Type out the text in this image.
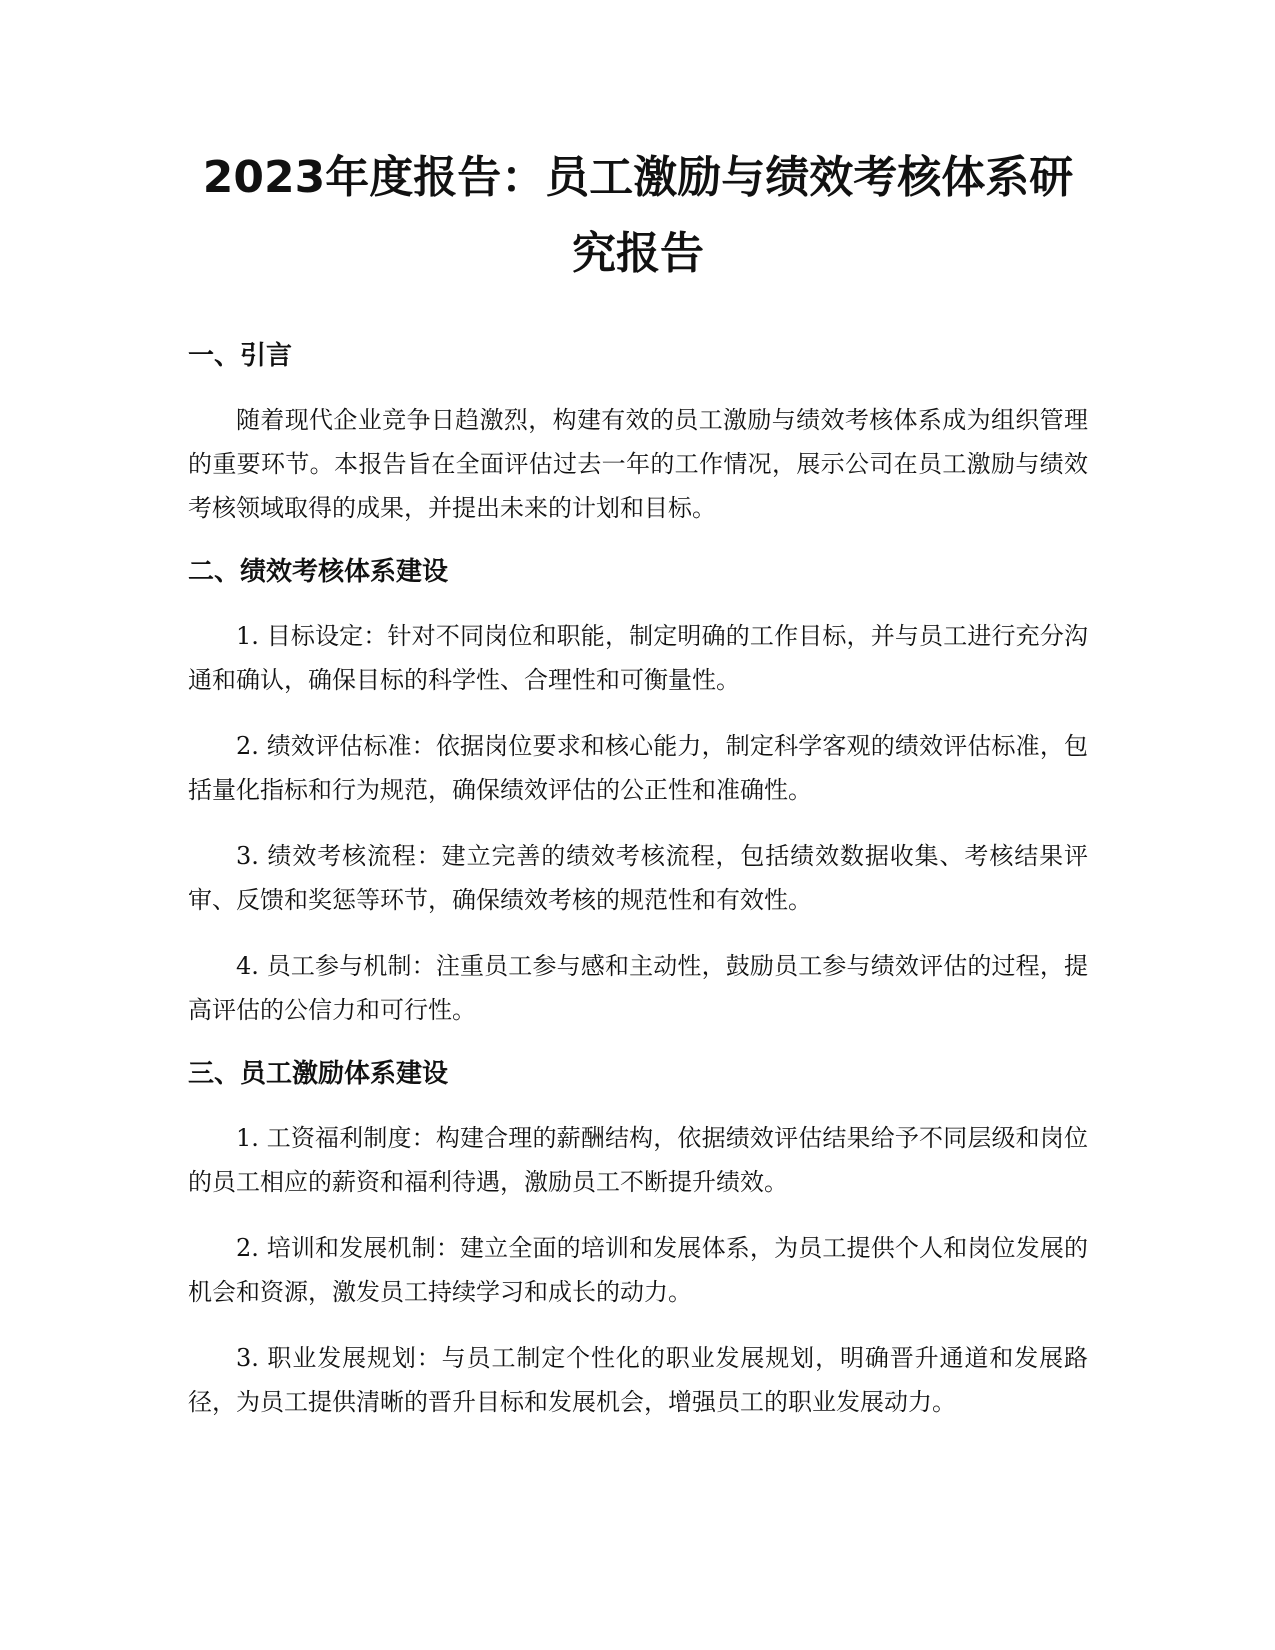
2023年度报告：员工激励与绩效考核体系研究报告
一、引言

随着现代企业竞争日趋激烈，构建有效的员工激励与绩效考核体系成为组织管理的重要环节。本报告旨在全面评估过去一年的工作情况，展示公司在员工激励与绩效考核领域取得的成果，并提出未来的计划和目标。

二、绩效考核体系建设

1. 目标设定：针对不同岗位和职能，制定明确的工作目标，并与员工进行充分沟通和确认，确保目标的科学性、合理性和可衡量性。

2. 绩效评估标准：依据岗位要求和核心能力，制定科学客观的绩效评估标准，包括量化指标和行为规范，确保绩效评估的公正性和准确性。

3. 绩效考核流程：建立完善的绩效考核流程，包括绩效数据收集、考核结果评审、反馈和奖惩等环节，确保绩效考核的规范性和有效性。

4. 员工参与机制：注重员工参与感和主动性，鼓励员工参与绩效评估的过程，提高评估的公信力和可行性。

三、员工激励体系建设

1. 工资福利制度：构建合理的薪酬结构，依据绩效评估结果给予不同层级和岗位的员工相应的薪资和福利待遇，激励员工不断提升绩效。

2. 培训和发展机制：建立全面的培训和发展体系，为员工提供个人和岗位发展的机会和资源，激发员工持续学习和成长的动力。

3. 职业发展规划：与员工制定个性化的职业发展规划，明确晋升通道和发展路径，为员工提供清晰的晋升目标和发展机会，增强员工的职业发展动力。
